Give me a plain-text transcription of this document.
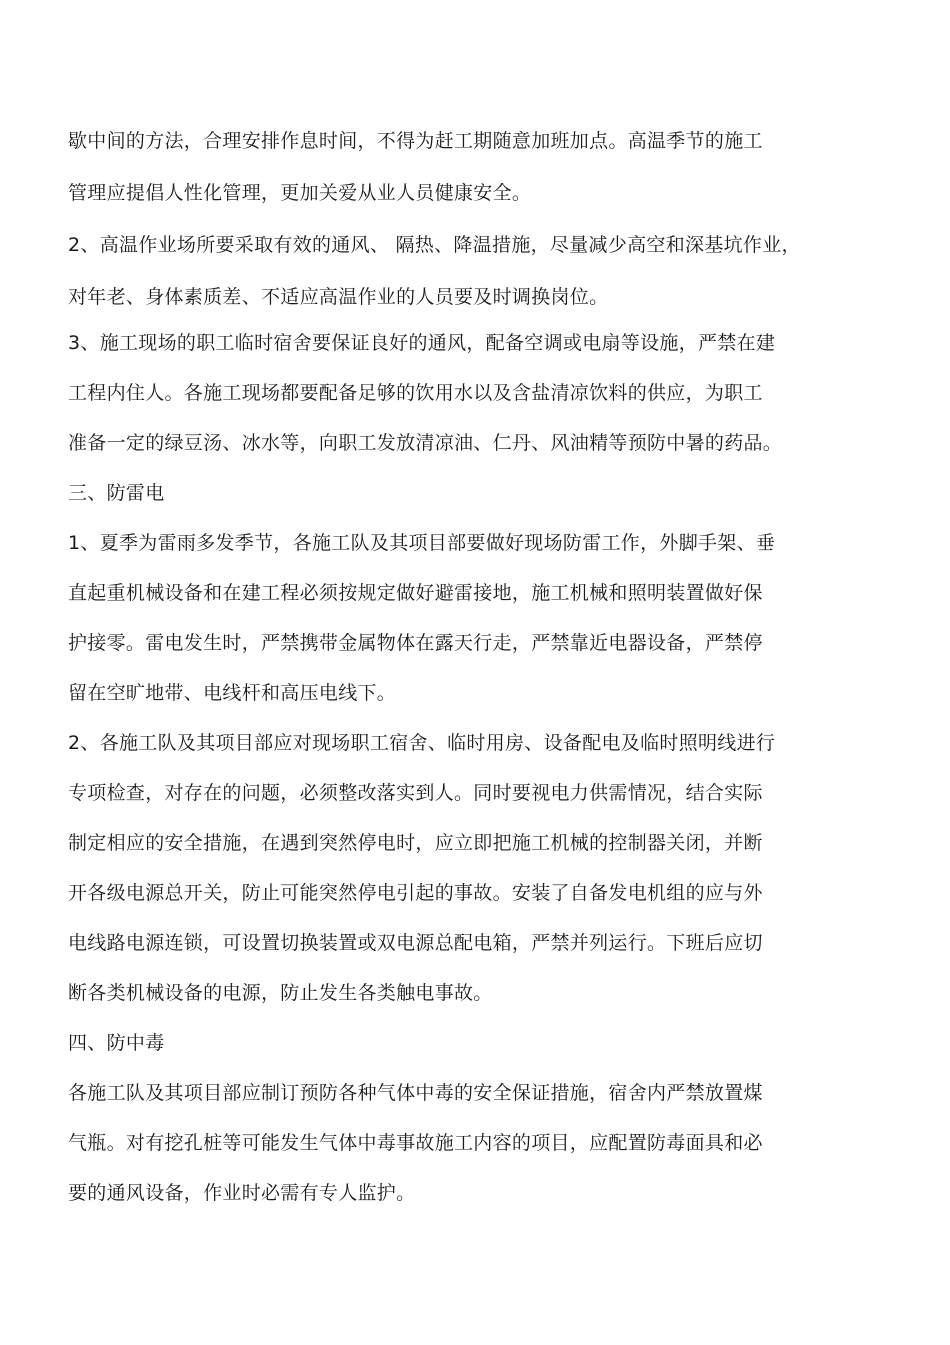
歇中间的方法，合理安排作息时间，不得为赶工期随意加班加点。高温季节的施工
管理应提倡人性化管理，更加关爱从业人员健康安全。
2、高温作业场所要采取有效的通风、 隔热、降温措施，尽量减少高空和深基坑作业，
对年老、身体素质差、不适应高温作业的人员要及时调换岗位。
3、施工现场的职工临时宿舍要保证良好的通风，配备空调或电扇等设施，严禁在建
工程内住人。各施工现场都要配备足够的饮用水以及含盐清凉饮料的供应，为职工
准备一定的绿豆汤、冰水等，向职工发放清凉油、仁丹、风油精等预防中暑的药品。
三、防雷电
1、夏季为雷雨多发季节，各施工队及其项目部要做好现场防雷工作，外脚手架、垂
直起重机械设备和在建工程必须按规定做好避雷接地，施工机械和照明装置做好保
护接零。雷电发生时，严禁携带金属物体在露天行走，严禁靠近电器设备，严禁停
留在空旷地带、电线杆和高压电线下。
2、各施工队及其项目部应对现场职工宿舍、临时用房、设备配电及临时照明线进行
专项检查，对存在的问题，必须整改落实到人。同时要视电力供需情况，结合实际
制定相应的安全措施，在遇到突然停电时，应立即把施工机械的控制器关闭，并断
开各级电源总开关，防止可能突然停电引起的事故。安装了自备发电机组的应与外
电线路电源连锁，可设置切换装置或双电源总配电箱，严禁并列运行。下班后应切
断各类机械设备的电源，防止发生各类触电事故。
四、防中毒
各施工队及其项目部应制订预防各种气体中毒的安全保证措施，宿舍内严禁放置煤
气瓶。对有挖孔桩等可能发生气体中毒事故施工内容的项目，应配置防毒面具和必
要的通风设备，作业时必需有专人监护。
